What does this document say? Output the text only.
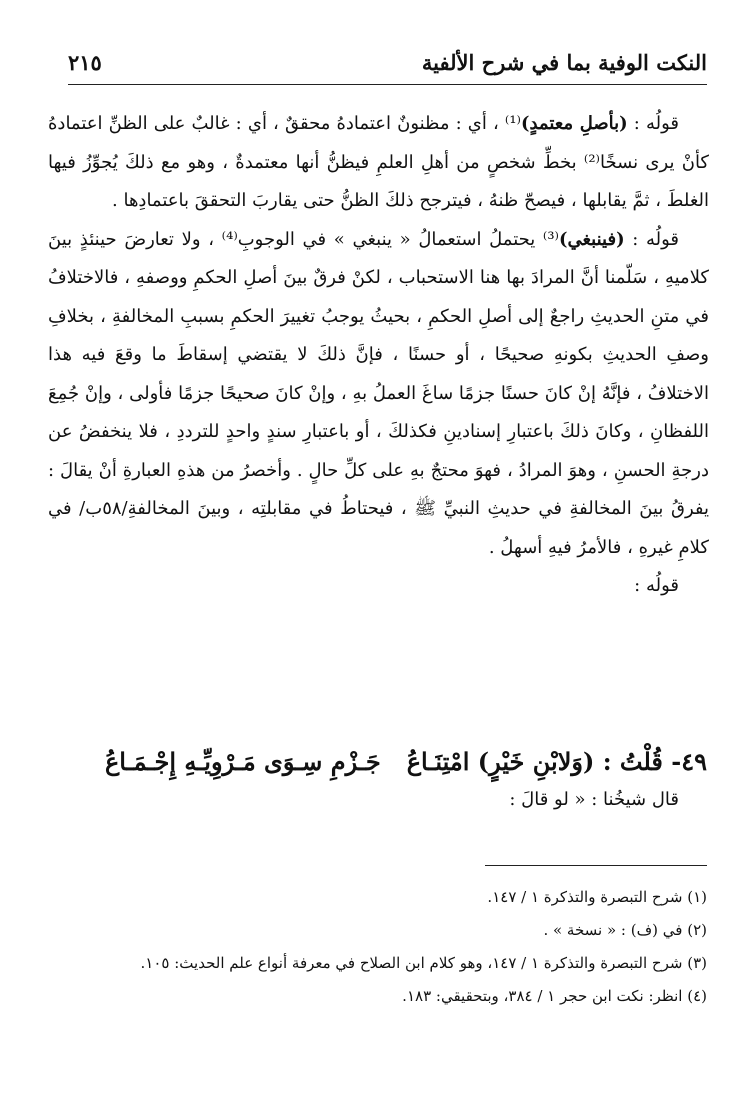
النكت الوفية بما في شرح الألفية
٢١٥

قولُه : (بأصلِ معتمدٍ)⁽¹⁾ ، أي : مظنونٌ اعتمادهُ محققٌ ، أي : غالبٌ على الظنِّ اعتمادهُ كأنْ يرى نسخًا⁽²⁾ بخطِّ شخصٍ من أهلِ العلمِ فيظنُّ أنها معتمدةٌ ، وهو مع ذلكَ يُجوِّزُ فيها الغلطَ ، ثمَّ يقابلها ، فيصحّ ظنهُ ، فيترجح ذلكَ الظنُّ حتى يقاربَ التحققَ باعتمادِها .

قولُه : (فينبغي)⁽³⁾ يحتملُ استعمالُ « ينبغي » في الوجوبِ⁽⁴⁾ ، ولا تعارضَ حينئذٍ بينَ كلاميهِ ، سَلّمنا أنَّ المرادَ بها هنا الاستحباب ، لكنْ فرقٌ بينَ أصلِ الحكمِ ووصفهِ ، فالاختلافُ في متنِ الحديثِ راجعٌ إلى أصلِ الحكمِ ، بحيثُ يوجبُ تغييرَ الحكمِ بسببِ المخالفةِ ، بخلافِ وصفِ الحديثِ بكونهِ صحيحًا ، أو حسنًا ، فإنَّ ذلكَ لا يقتضي إسقاطَ ما وقعَ فيه هذا الاختلافُ ، فإنَّهُ إنْ كانَ حسنًا جزمًا ساغَ العملُ بهِ ، وإنْ كانَ صحيحًا جزمًا فأولى ، وإنْ جُمِعَ اللفظانِ ، وكانَ ذلكَ باعتبارِ إسنادينِ فكذلكَ ، أو باعتبارِ سندٍ واحدٍ للترددِ ، فلا ينخفضُ عن درجةِ الحسنِ ، وهوَ المرادُ ، فهوَ محتجٌ بهِ على كلِّ حالٍ . وأخصرُ من هذهِ العبارةِ أنْ يقالَ : يفرقُ بينَ المخالفةِ في حديثِ النبيِّ ﷺ ، فيحتاطُ في مقابلتِه ، وبينَ المخالفةِ/٥٨ب/ في كلامِ غيرهِ ، فالأمرُ فيهِ أسهلُ .

قولُه :

٤٩- قُلْتُ : (وَلابْنِ خَيْرٍ) امْتِنَـاعُجَـزْمِ سِـوَى مَـرْوِيِّـهِ إِجْـمَـاعُ
قال شيخُنا : « لو قالَ :

(١) شرح التبصرة والتذكرة ١ / ١٤٧.

(٢) في (ف) : « نسخة » .

(٣) شرح التبصرة والتذكرة ١ / ١٤٧، وهو كلام ابن الصلاح في معرفة أنواع علم الحديث: ١٠٥.

(٤) انظر: نكت ابن حجر ١ / ٣٨٤، وبتحقيقي: ١٨٣.
